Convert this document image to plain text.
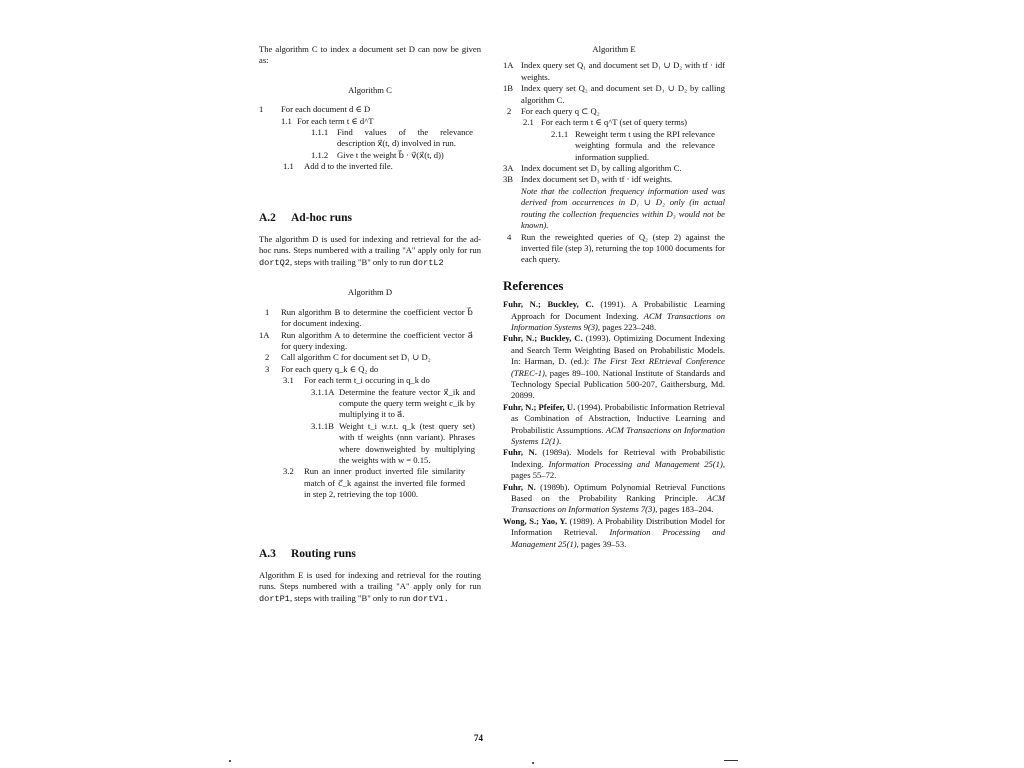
The algorithm C to index a document set D can now be given as:

Algorithm C

1 For each document d ∈ D
1.1 For each term t ∈ d^T
1.1.1 Find values of the relevance description x⃗(t, d) involved in run.
1.1.2 Give t the weight b⃗ · v⃗(x⃗(t, d))
1.1 Add d to the inverted file.
A.2 Ad-hoc runs

The algorithm D is used for indexing and retrieval for the ad-hoc runs. Steps numbered with a trailing "A" apply only for run dortQ2, steps with trailing "B" only to run dortL2

Algorithm D

1 Run algorithm B to determine the coefficient vector b⃗ for document indexing.
1A Run algorithm A to determine the coefficient vector a⃗ for query indexing.
2 Call algorithm C for document set D₁ ∪ D₂
3 For each query q_k ∈ Q₂ do
3.1 For each term t_i occuring in q_k do
3.1.1A Determine the feature vector x⃗_ik and compute the query term weight c_ik by multiplying it to a⃗.
3.1.1B Weight t_i w.r.t. q_k (test query set) with tf weights (nnn variant). Phrases where downweighted by multiplying the weights with w = 0.15.
3.2 Run an inner product inverted file similarity match of c⃗_k against the inverted file formed in step 2, retrieving the top 1000.
A.3 Routing runs

Algorithm E is used for indexing and retrieval for the routing runs. Steps numbered with a trailing "A" apply only for run dortP1, steps with trailing "B" only to run dortV1.

Algorithm E

1A Index query set Q₁ and document set D₁ ∪ D₂ with tf · idf weights.
1B Index query set Q₂ and document set D₁ ∪ D₂ by calling algorithm C.
2 For each query q ⊂ Q₂
2.1 For each term t ∈ q^T (set of query terms)
2.1.1 Reweight term t using the RPI relevance weighting formula and the relevance information supplied.
3A Index document set D₃ by calling algorithm C.
3B Index document set D₃ with tf · idf weights.

Note that the collection frequency information used was derived from occurrences in D₁ ∪ D₂ only (in actual routing the collection frequencies within D₃ would not be known).

4 Run the reweighted queries of Q₂ (step 2) against the inverted file (step 3), returning the top 1000 documents for each query.
References

Fuhr, N.; Buckley, C. (1991). A Probabilistic Learning Approach for Document Indexing. ACM Transactions on Information Systems 9(3), pages 223–248.

Fuhr, N.; Buckley, C. (1993). Optimizing Document Indexing and Search Term Weighting Based on Probabilistic Models. In: Harman, D. (ed.): The First Text REtrieval Conference (TREC-1), pages 89–100. National Institute of Standards and Technology Special Publication 500-207, Gaithersburg, Md. 20899.

Fuhr, N.; Pfeifer, U. (1994). Probabilistic Information Retrieval as Combination of Abstraction, Inductive Learning and Probabilistic Assumptions. ACM Transactions on Information Systems 12(1).

Fuhr, N. (1989a). Models for Retrieval with Probabilistic Indexing. Information Processing and Management 25(1), pages 55–72.

Fuhr, N. (1989b). Optimum Polynomial Retrieval Functions Based on the Probability Ranking Principle. ACM Transactions on Information Systems 7(3), pages 183–204.

Wong, S.; Yao, Y. (1989). A Probability Distribution Model for Information Retrieval. Information Processing and Management 25(1), pages 39–53.

74
